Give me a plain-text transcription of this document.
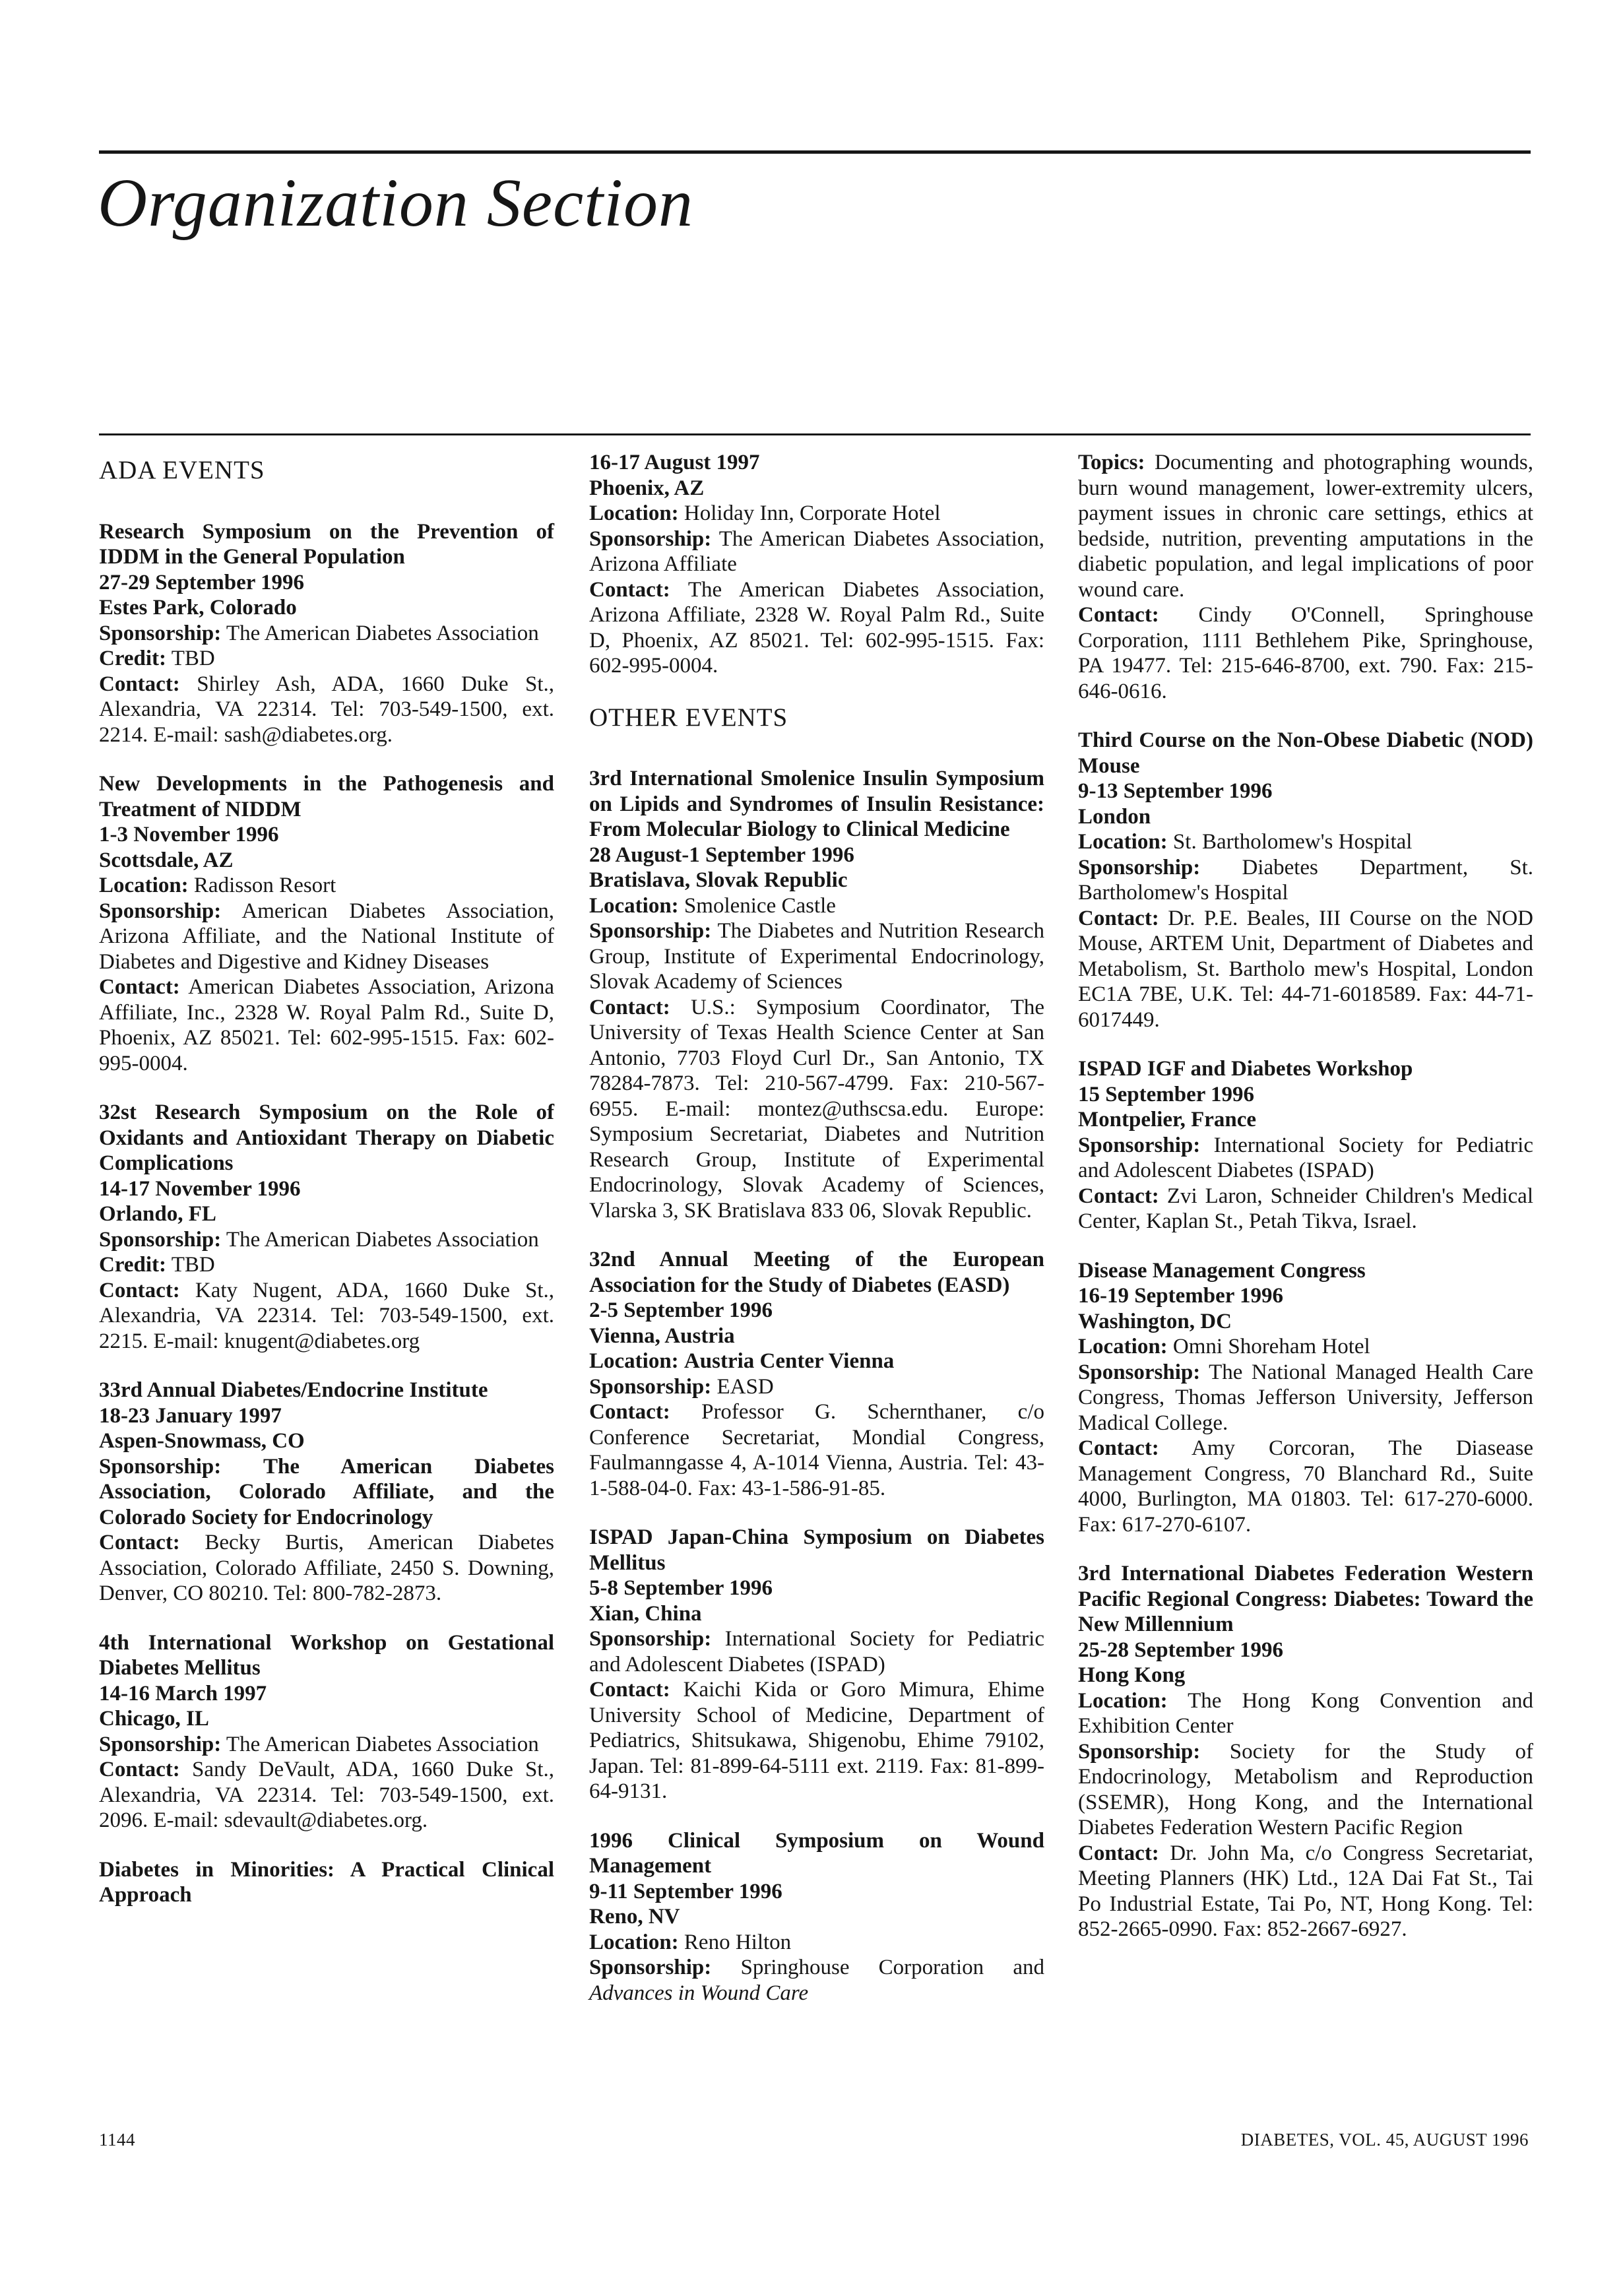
Organization Section
ADA EVENTS
Research Symposium on the Prevention of IDDM in the General Population
27-29 September 1996
Estes Park, Colorado

Sponsorship: The American Diabetes Association

Credit: TBD

Contact: Shirley Ash, ADA, 1660 Duke St., Alexandria, VA 22314. Tel: 703-549-1500, ext. 2214. E-mail: sash@diabetes.org.

New Developments in the Pathogenesis and Treatment of NIDDM
1-3 November 1996
Scottsdale, AZ

Location: Radisson Resort

Sponsorship: American Diabetes Association, Arizona Affiliate, and the National Institute of Diabetes and Digestive and Kidney Diseases

Contact: American Diabetes Association, Arizona Affiliate, Inc., 2328 W. Royal Palm Rd., Suite D, Phoenix, AZ 85021. Tel: 602-995-1515. Fax: 602-995-0004.

32st Research Symposium on the Role of Oxidants and Antioxidant Therapy on Diabetic Complications
14-17 November 1996
Orlando, FL

Sponsorship: The American Diabetes Association

Credit: TBD

Contact: Katy Nugent, ADA, 1660 Duke St., Alexandria, VA 22314. Tel: 703-549-1500, ext. 2215. E-mail: knugent@diabetes.org

33rd Annual Diabetes/Endocrine Institute
18-23 January 1997
Aspen-Snowmass, CO

Sponsorship: The American Diabetes Association, Colorado Affiliate, and the Colorado Society for Endocrinology

Contact: Becky Burtis, American Diabetes Association, Colorado Affiliate, 2450 S. Downing, Denver, CO 80210. Tel: 800-782-2873.

4th International Workshop on Gestational Diabetes Mellitus
14-16 March 1997
Chicago, IL

Sponsorship: The American Diabetes Association

Contact: Sandy DeVault, ADA, 1660 Duke St., Alexandria, VA 22314. Tel: 703-549-1500, ext. 2096. E-mail: sdevault@diabetes.org.

Diabetes in Minorities: A Practical Clinical Approach
16-17 August 1997
Phoenix, AZ

Location: Holiday Inn, Corporate Hotel

Sponsorship: The American Diabetes Association, Arizona Affiliate

Contact: The American Diabetes Association, Arizona Affiliate, 2328 W. Royal Palm Rd., Suite D, Phoenix, AZ 85021. Tel: 602-995-1515. Fax: 602-995-0004.

OTHER EVENTS
3rd International Smolenice Insulin Symposium on Lipids and Syndromes of Insulin Resistance: From Molecular Biology to Clinical Medicine
28 August-1 September 1996
Bratislava, Slovak Republic

Location: Smolenice Castle

Sponsorship: The Diabetes and Nutrition Research Group, Institute of Experimental Endocrinology, Slovak Academy of Sciences

Contact: U.S.: Symposium Coordinator, The University of Texas Health Science Center at San Antonio, 7703 Floyd Curl Dr., San Antonio, TX 78284-7873. Tel: 210-567-4799. Fax: 210-567-6955. E-mail: montez@uthscsa.edu. Europe: Symposium Secretariat, Diabetes and Nutrition Research Group, Institute of Experimental Endocrinology, Slovak Academy of Sciences, Vlarska 3, SK Bratislava 833 06, Slovak Republic.

32nd Annual Meeting of the European Association for the Study of Diabetes (EASD)
2-5 September 1996
Vienna, Austria

Location: Austria Center Vienna

Sponsorship: EASD

Contact: Professor G. Schernthaner, c/o Conference Secretariat, Mondial Congress, Faulmanngasse 4, A-1014 Vienna, Austria. Tel: 43-1-588-04-0. Fax: 43-1-586-91-85.

ISPAD Japan-China Symposium on Diabetes Mellitus
5-8 September 1996
Xian, China

Sponsorship: International Society for Pediatric and Adolescent Diabetes (ISPAD)

Contact: Kaichi Kida or Goro Mimura, Ehime University School of Medicine, Department of Pediatrics, Shitsukawa, Shigenobu, Ehime 79102, Japan. Tel: 81-899-64-5111 ext. 2119. Fax: 81-899-64-9131.

1996 Clinical Symposium on Wound Management
9-11 September 1996
Reno, NV

Location: Reno Hilton

Sponsorship: Springhouse Corporation and Advances in Wound Care

Topics: Documenting and photographing wounds, burn wound management, lower-extremity ulcers, payment issues in chronic care settings, ethics at bedside, nutrition, preventing amputations in the diabetic population, and legal implications of poor wound care.

Contact: Cindy O'Connell, Springhouse Corporation, 1111 Bethlehem Pike, Springhouse, PA 19477. Tel: 215-646-8700, ext. 790. Fax: 215-646-0616.

Third Course on the Non-Obese Diabetic (NOD) Mouse
9-13 September 1996
London

Location: St. Bartholomew's Hospital

Sponsorship: Diabetes Department, St. Bartholomew's Hospital

Contact: Dr. P.E. Beales, III Course on the NOD Mouse, ARTEM Unit, Department of Diabetes and Metabolism, St. Bartholo mew's Hospital, London EC1A 7BE, U.K. Tel: 44-71-6018589. Fax: 44-71-6017449.

ISPAD IGF and Diabetes Workshop
15 September 1996
Montpelier, France

Sponsorship: International Society for Pediatric and Adolescent Diabetes (ISPAD)

Contact: Zvi Laron, Schneider Children's Medical Center, Kaplan St., Petah Tikva, Israel.

Disease Management Congress
16-19 September 1996
Washington, DC

Location: Omni Shoreham Hotel

Sponsorship: The National Managed Health Care Congress, Thomas Jefferson University, Jefferson Madical College.

Contact: Amy Corcoran, The Diasease Management Congress, 70 Blanchard Rd., Suite 4000, Burlington, MA 01803. Tel: 617-270-6000. Fax: 617-270-6107.

3rd International Diabetes Federation Western Pacific Regional Congress: Diabetes: Toward the New Millennium
25-28 September 1996
Hong Kong

Location: The Hong Kong Convention and Exhibition Center

Sponsorship: Society for the Study of Endocrinology, Metabolism and Reproduction (SSEMR), Hong Kong, and the International Diabetes Federation Western Pacific Region

Contact: Dr. John Ma, c/o Congress Secretariat, Meeting Planners (HK) Ltd., 12A Dai Fat St., Tai Po Industrial Estate, Tai Po, NT, Hong Kong. Tel: 852-2665-0990. Fax: 852-2667-6927.

1144	DIABETES, VOL. 45, AUGUST 1996
